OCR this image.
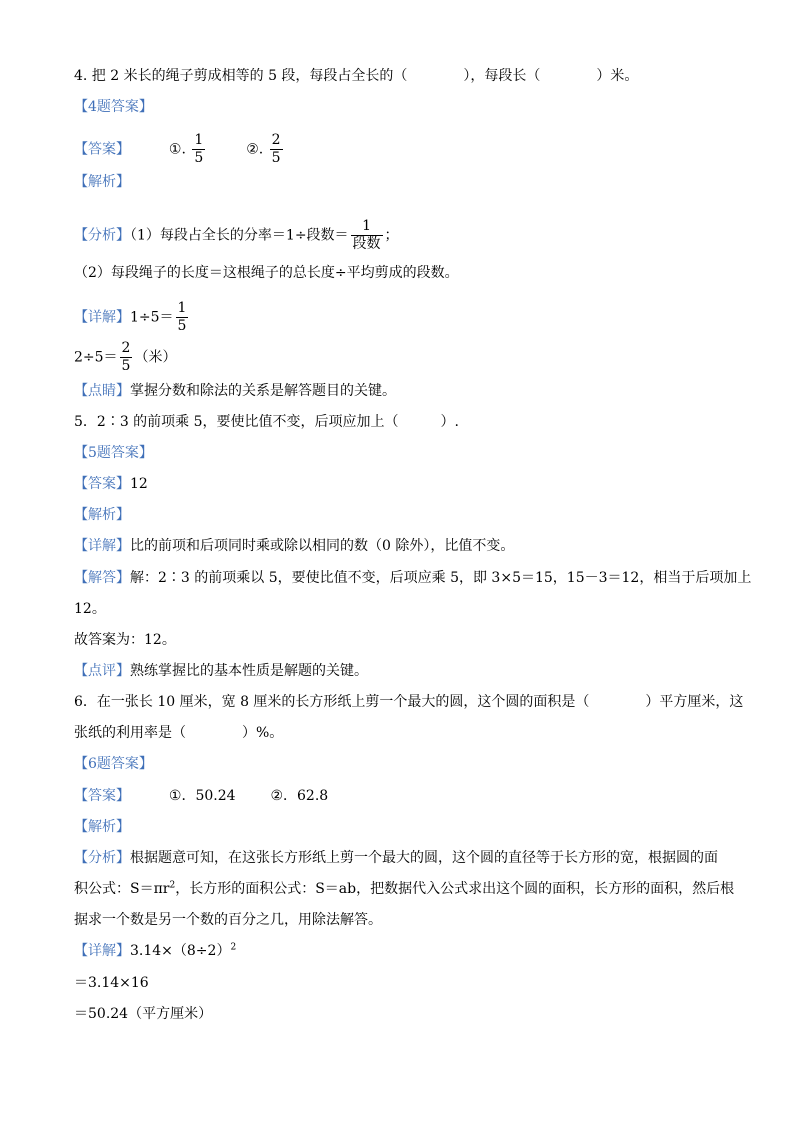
4. 把 2 米长的绳子剪成相等的 5 段，每段占全长的（　　　　），每段长（　　　　）米。
【4题答案】
【答案】	①. $\frac{1}{5}$	②. $\frac{2}{5}$
【解析】
【分析】（1）每段占全长的分率＝1÷段数＝ $\frac{1}{\text{段数}}$ ；
（2）每段绳子的长度＝这根绳子的总长度÷平均剪成的段数。
【详解】$1\div 5= \frac{1}{5}$
$2\div 5= \frac{2}{5}$ （米）
【点睛】掌握分数和除法的关系是解答题目的关键。
5．2∶3 的前项乘 5，要使比值不变，后项应加上（　　　）.
【5题答案】
【答案】12
【解析】
【详解】比的前项和后项同时乘或除以相同的数（0 除外），比值不变。
【解答】解：2∶3 的前项乘以 5，要使比值不变，后项应乘 5，即 3×5＝15，15－3＝12，相当于后项加上
12。
故答案为：12。
【点评】熟练掌握比的基本性质是解题的关键。
6．在一张长 10 厘米，宽 8 厘米的长方形纸上剪一个最大的圆，这个圆的面积是（　　　　）平方厘米，这
张纸的利用率是（　　　　）%。
【6题答案】
【答案】	①．50.24 ②．62.8
【解析】
【分析】根据题意可知，在这张长方形纸上剪一个最大的圆，这个圆的直径等于长方形的宽，根据圆的面
积公式：$S=\pi r^2$，长方形的面积公式：S＝ab，把数据代入公式求出这个圆的面积，长方形的面积，然后根
据求一个数是另一个数的百分之几，用除法解答。
【详解】$3.14\times(8\div 2)^2$
＝3.14×16
＝50.24（平方厘米）
